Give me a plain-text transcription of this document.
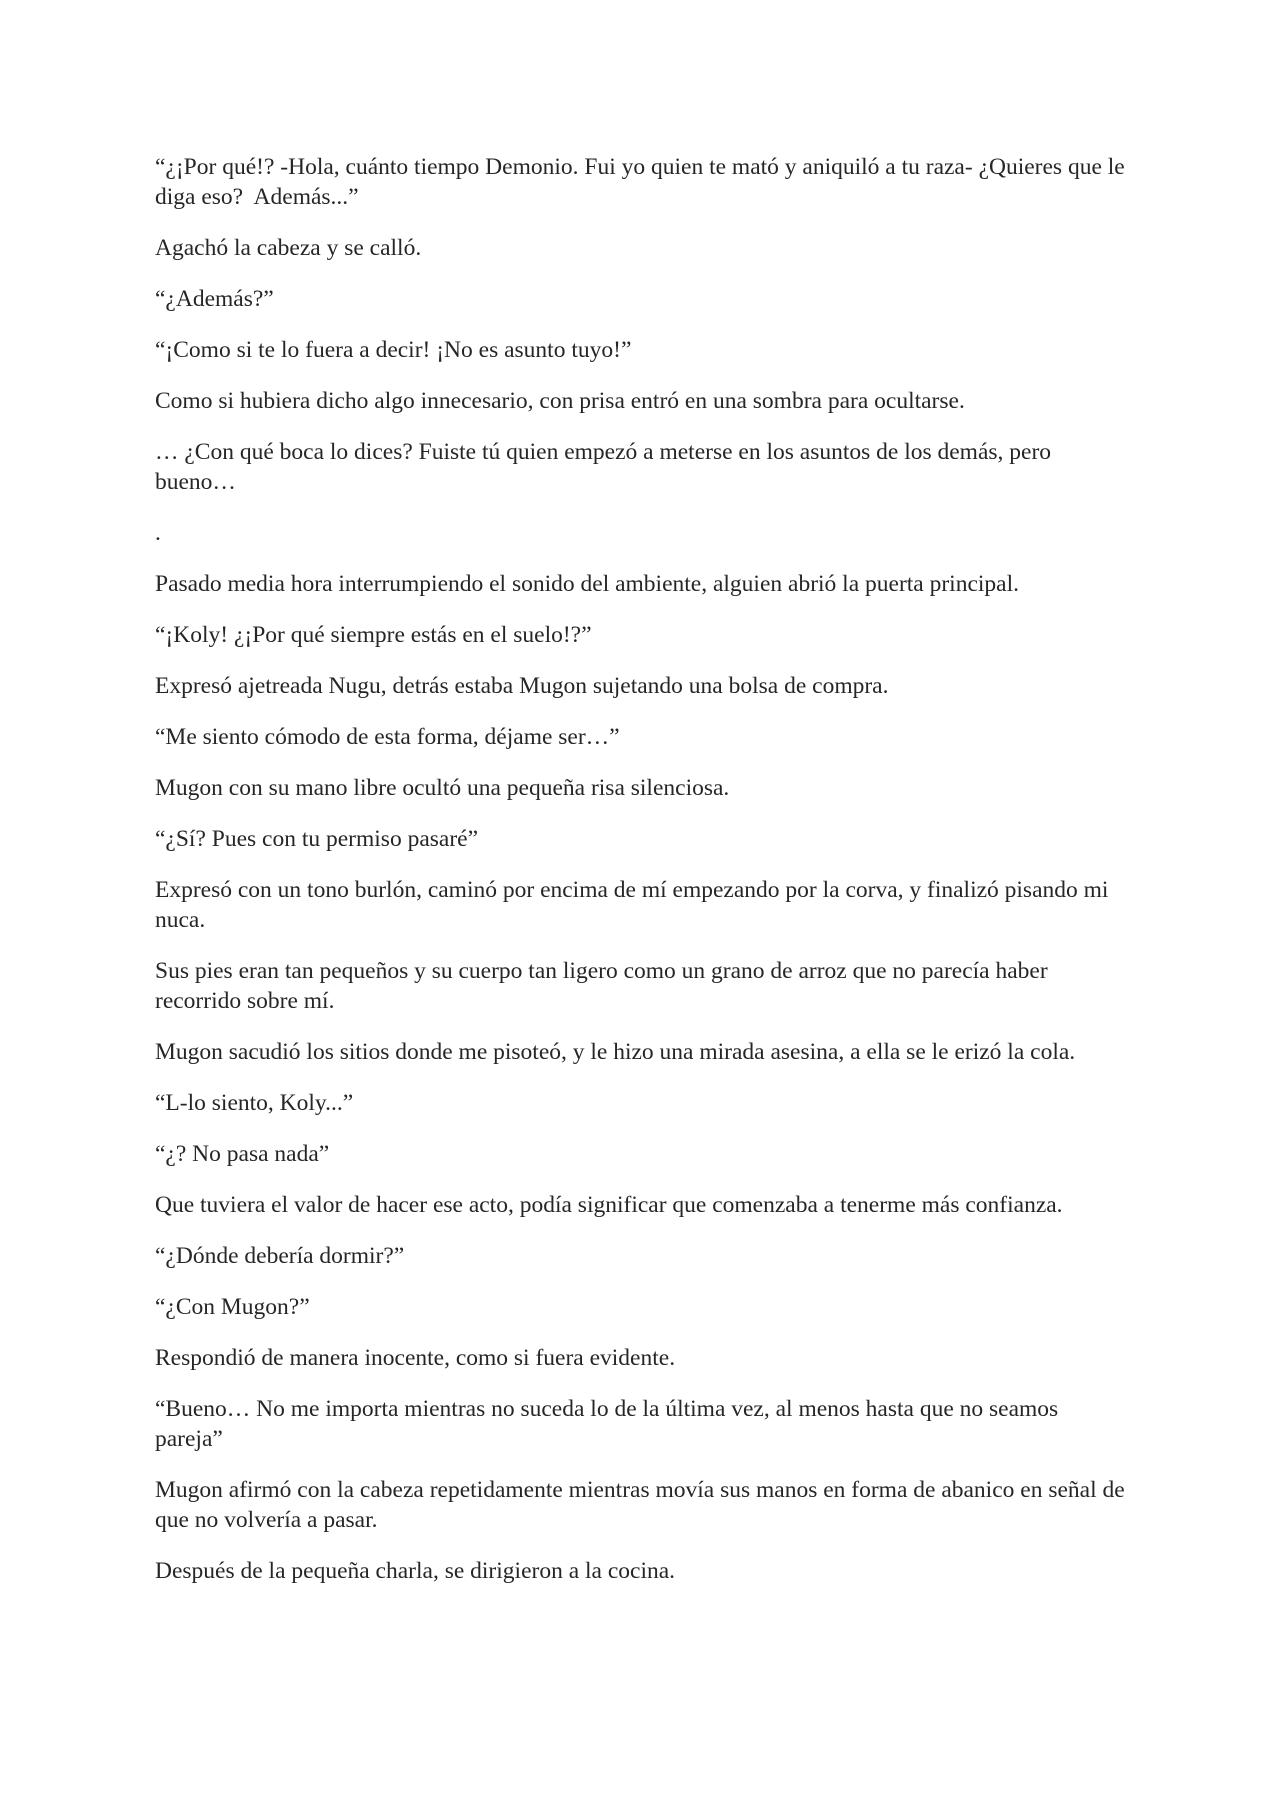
“¿¡Por qué!? -Hola, cuánto tiempo Demonio. Fui yo quien te mató y aniquiló a tu raza- ¿Quieres que le diga eso?  Además...”

Agachó la cabeza y se calló.

“¿Además?”

“¡Como si te lo fuera a decir! ¡No es asunto tuyo!”

Como si hubiera dicho algo innecesario, con prisa entró en una sombra para ocultarse.

… ¿Con qué boca lo dices? Fuiste tú quien empezó a meterse en los asuntos de los demás, pero bueno…

.

Pasado media hora interrumpiendo el sonido del ambiente, alguien abrió la puerta principal.

“¡Koly! ¿¡Por qué siempre estás en el suelo!?”

Expresó ajetreada Nugu, detrás estaba Mugon sujetando una bolsa de compra.

“Me siento cómodo de esta forma, déjame ser…”

Mugon con su mano libre ocultó una pequeña risa silenciosa.

“¿Sí? Pues con tu permiso pasaré”

Expresó con un tono burlón, caminó por encima de mí empezando por la corva, y finalizó pisando mi nuca.

Sus pies eran tan pequeños y su cuerpo tan ligero como un grano de arroz que no parecía haber recorrido sobre mí.

Mugon sacudió los sitios donde me pisoteó, y le hizo una mirada asesina, a ella se le erizó la cola.

“L-lo siento, Koly...”

“¿? No pasa nada”

Que tuviera el valor de hacer ese acto, podía significar que comenzaba a tenerme más confianza.

“¿Dónde debería dormir?”

“¿Con Mugon?”

Respondió de manera inocente, como si fuera evidente.

“Bueno… No me importa mientras no suceda lo de la última vez, al menos hasta que no seamos pareja”

Mugon afirmó con la cabeza repetidamente mientras movía sus manos en forma de abanico en señal de que no volvería a pasar.

Después de la pequeña charla, se dirigieron a la cocina.
